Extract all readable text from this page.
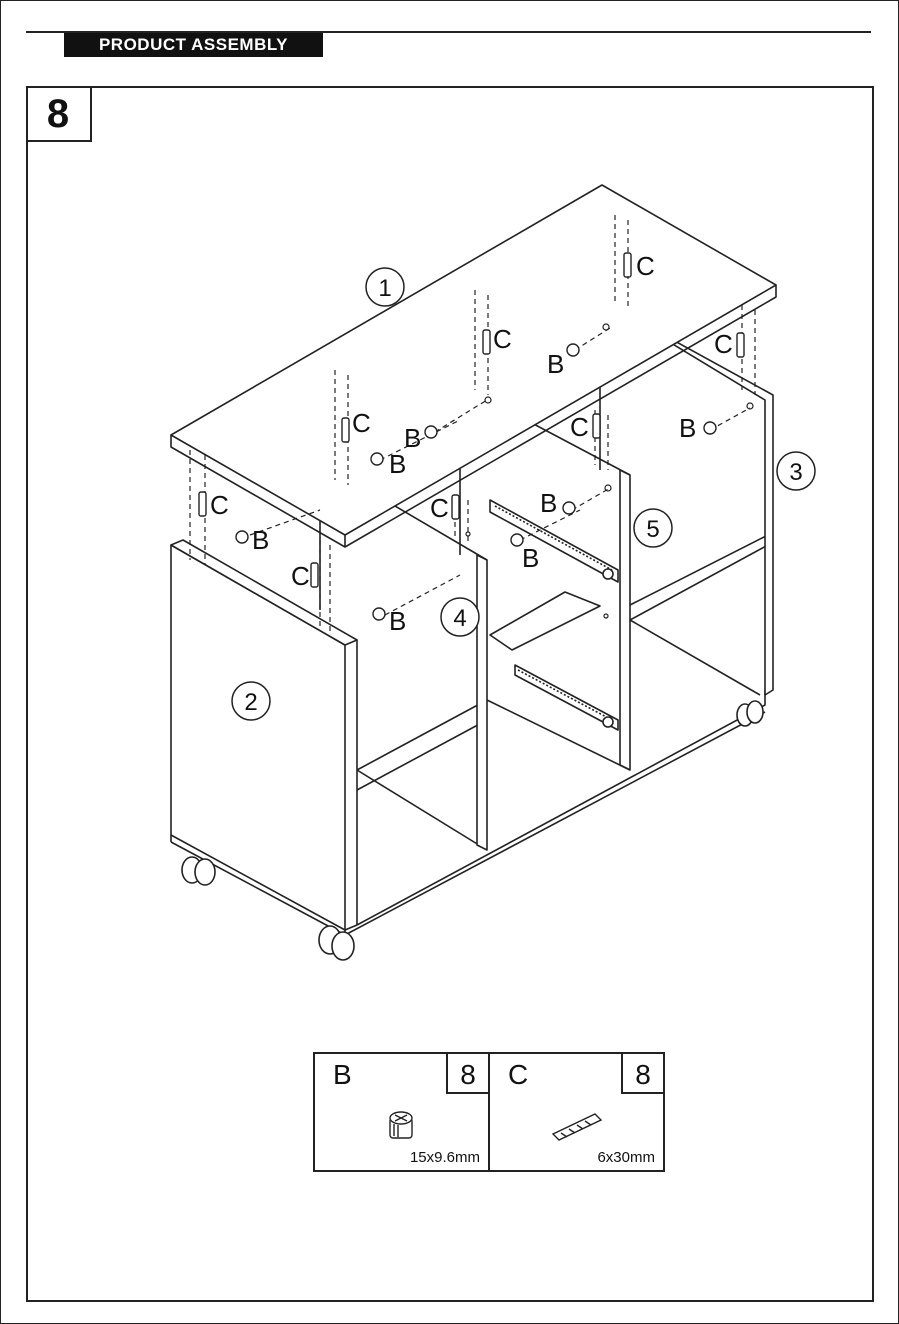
PRODUCT ASSEMBLY
8
C
C
C
C
C
C
C
C
B
B
B
B
B
B
B
B
1
2
3
4
5
B	8
15x9.6mm
C	8
6x30mm
